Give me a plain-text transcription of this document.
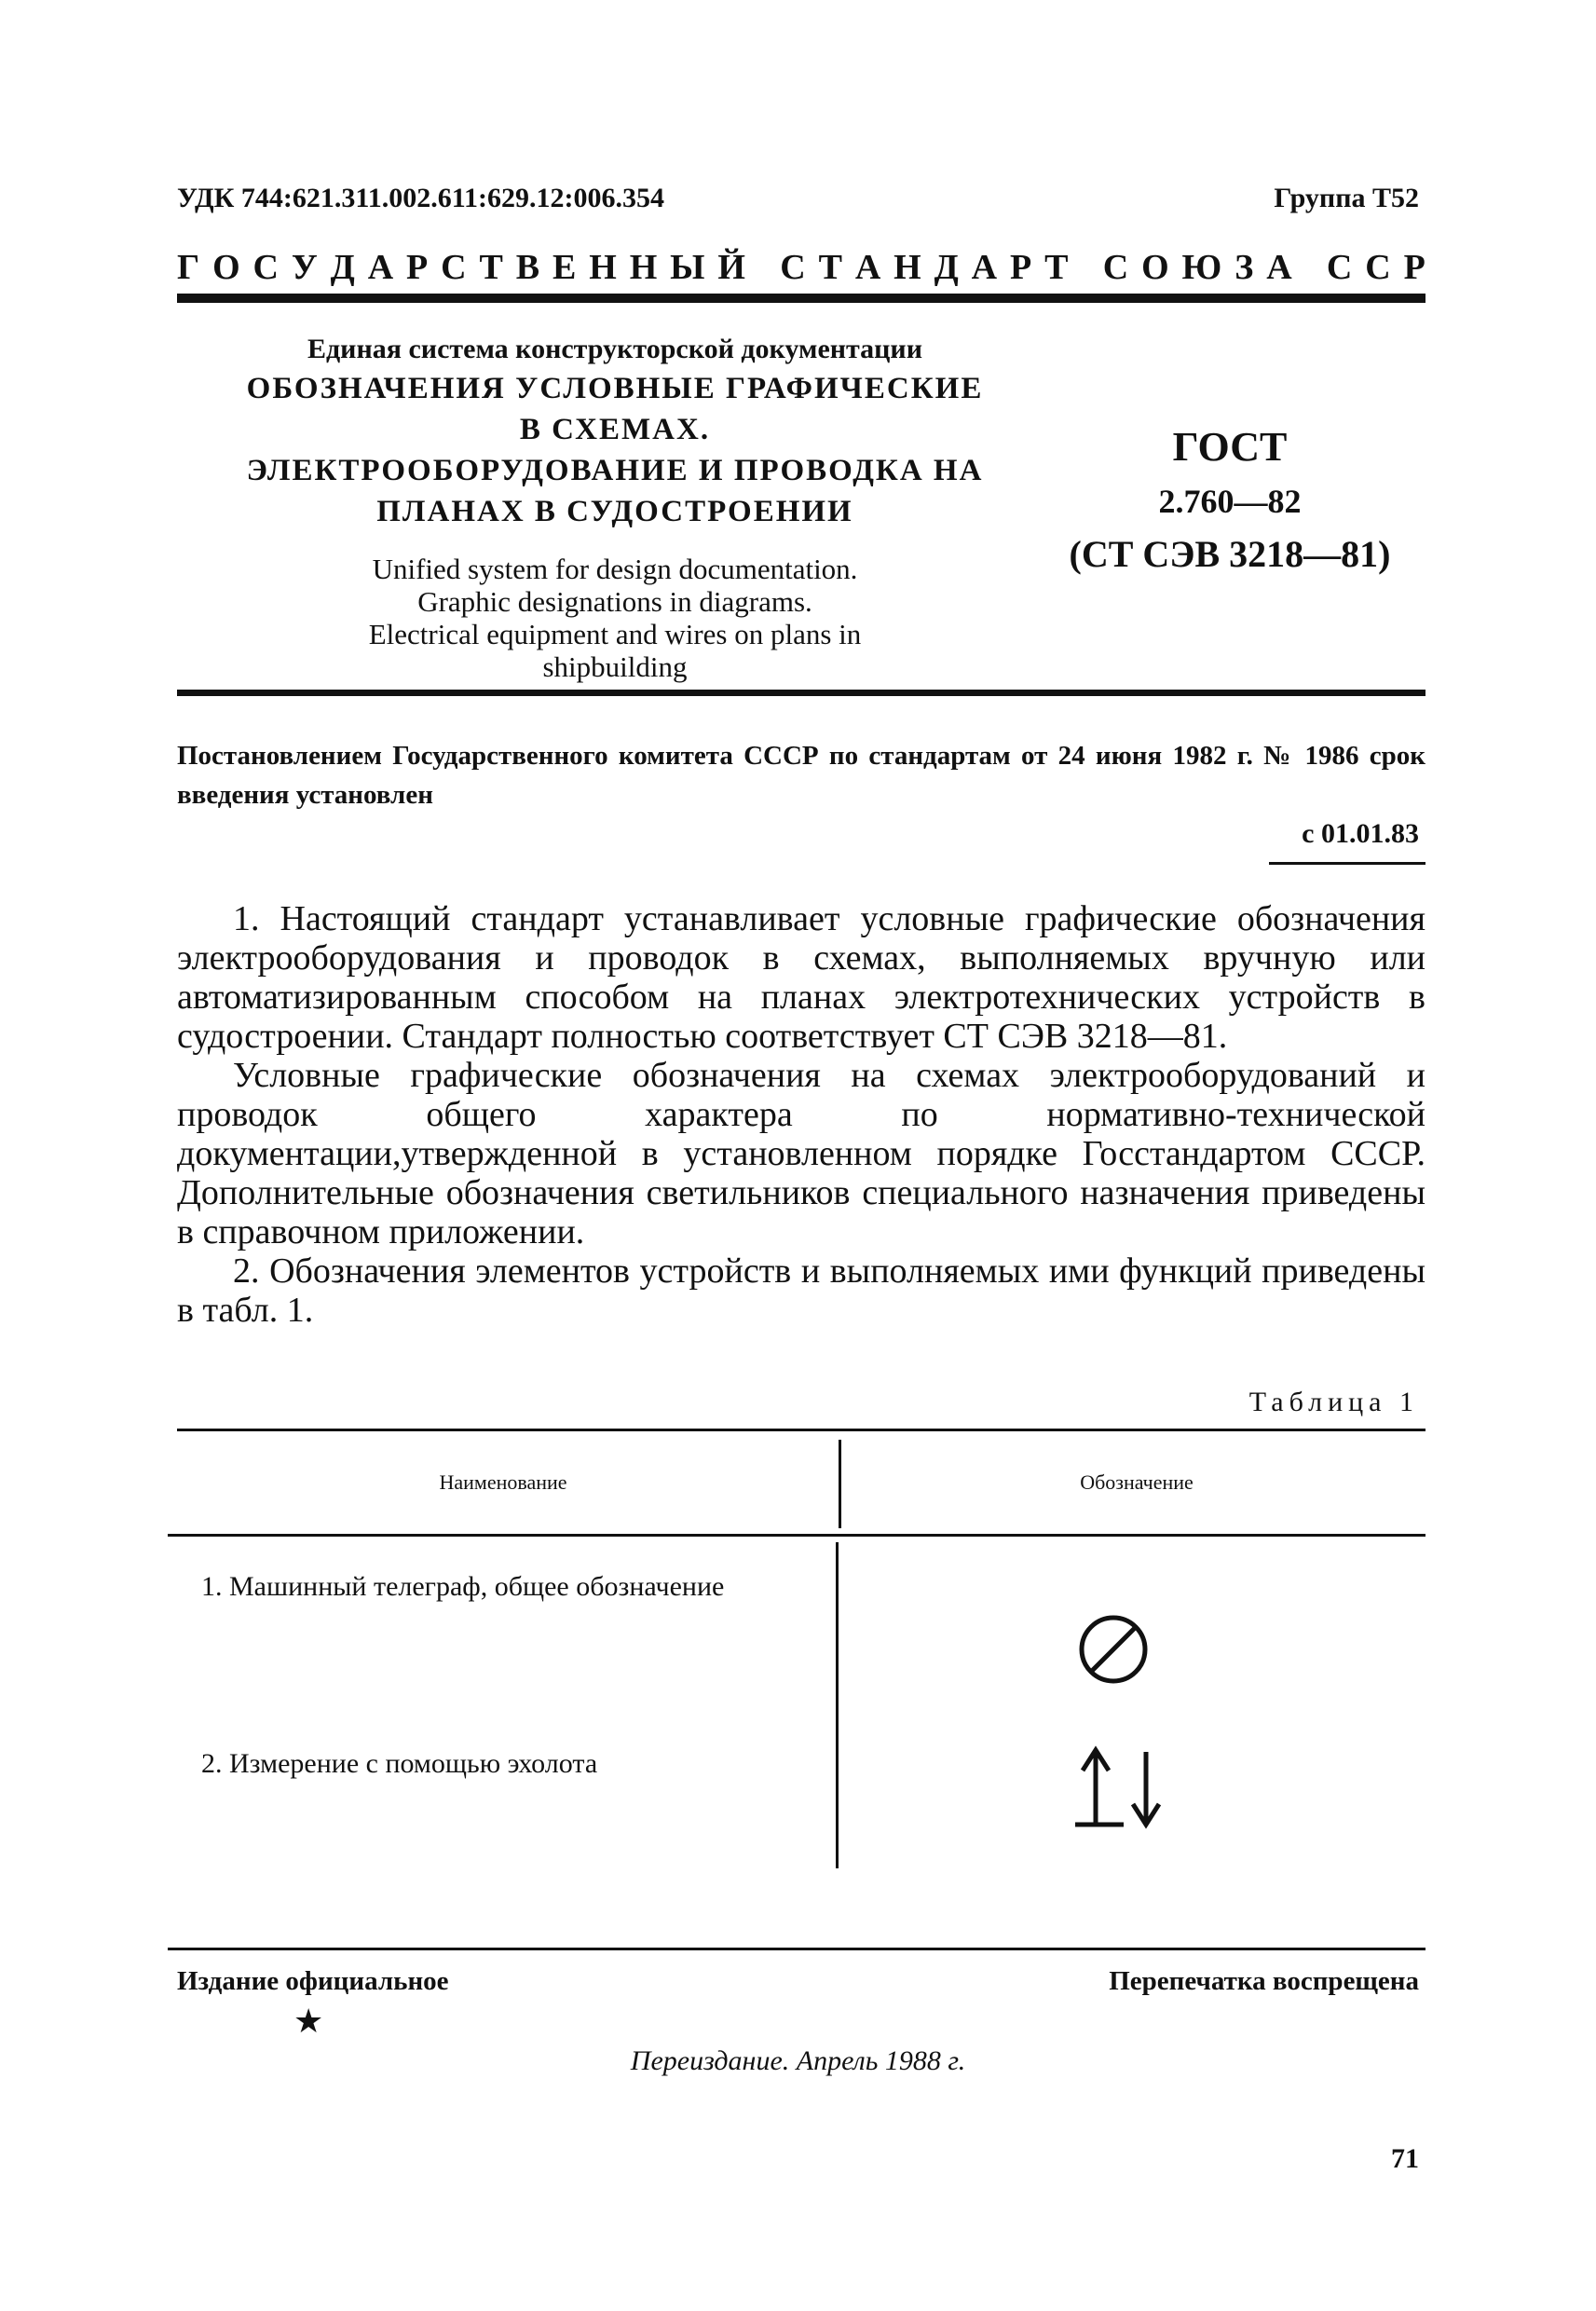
УДК 744:621.311.002.611:629.12:006.354	Группа Т52
Г О С У Д А Р С Т В Е Н Н Ы Й
С Т А Н Д А Р Т
С О Ю З А
С С Р
Единая система конструкторской документации
ОБОЗНАЧЕНИЯ УСЛОВНЫЕ ГРАФИЧЕСКИЕ
В СХЕМАХ.
ЭЛЕКТРООБОРУДОВАНИЕ И ПРОВОДКА НА
ПЛАНАХ В СУДОСТРОЕНИИ
Unified system for design documentation.
Graphic designations in diagrams.
Electrical equipment and wires on plans in
shipbuilding
ГОСТ
2.760—82
(СТ СЭВ 3218—81)
Постановлением Государственного комитета СССР по стандартам от 24 июня 1982 г. № 1986 срок введения установлен
с 01.01.83

1. Настоящий стандарт устанавливает условные графические обозначения электрооборудования и проводок в схемах, выполняемых вручную или автоматизированным способом на планах электротехнических устройств в судостроении. Стандарт полностью соответствует СТ СЭВ 3218—81.

Условные графические обозначения на схемах электрооборудований и проводок общего характера по нормативно-технической документации,утвержденной в установленном порядке Госстандартом СССР. Дополнительные обозначения светильников специального назначения приведены в справочном приложении.

2. Обозначения элементов устройств и выполняемых ими функций приведены в табл. 1.

Таблица 1
Наименование	Обозначение
1. Машинный телеграф, общее обозначение
2. Измерение с помощью эхолота
Издание официальное
★
Перепечатка воспрещена
Переиздание. Апрель 1988 г.
71
